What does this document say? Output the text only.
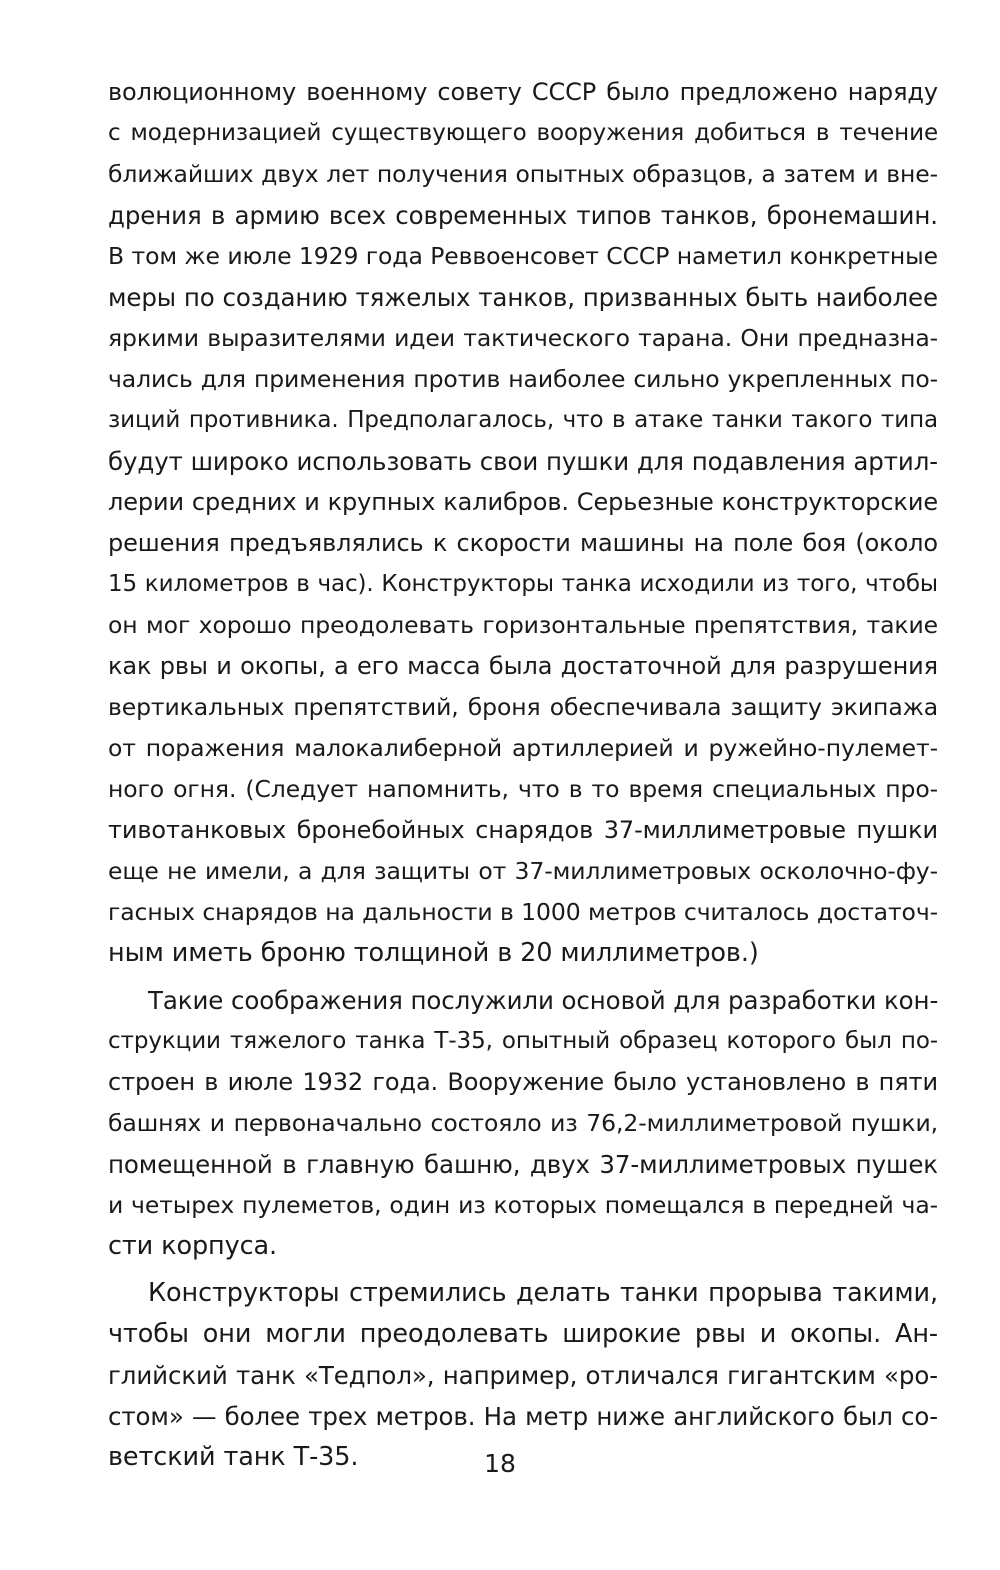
волюционному военному совету СССР было предложено наряду
с модернизацией существующего вооружения добиться в течение
ближайших двух лет получения опытных образцов, а затем и вне-
дрения в армию всех современных типов танков, бронемашин.
В том же июле 1929 года Реввоенсовет СССР наметил конкретные
меры по созданию тяжелых танков, призванных быть наиболее
яркими выразителями идеи тактического тарана. Они предназна-
чались для применения против наиболее сильно укрепленных по-
зиций противника. Предполагалось, что в атаке танки такого типа
будут широко использовать свои пушки для подавления артил-
лерии средних и крупных калибров. Серьезные конструкторские
решения предъявлялись к скорости машины на поле боя (около
15 километров в час). Конструкторы танка исходили из того, чтобы
он мог хорошо преодолевать горизонтальные препятствия, такие
как рвы и окопы, а его масса была достаточной для разрушения
вертикальных препятствий, броня обеспечивала защиту экипажа
от поражения малокалиберной артиллерией и ружейно-пулемет-
ного огня. (Следует напомнить, что в то время специальных про-
тивотанковых бронебойных снарядов 37-миллиметровые пушки
еще не имели, а для защиты от 37-миллиметровых осколочно-фу-
гасных снарядов на дальности в 1000 метров считалось достаточ-
ным иметь броню толщиной в 20 миллиметров.)
Такие соображения послужили основой для разработки кон-
струкции тяжелого танка Т-35, опытный образец которого был по-
строен в июле 1932 года. Вооружение было установлено в пяти
башнях и первоначально состояло из 76,2-миллиметровой пушки,
помещенной в главную башню, двух 37-миллиметровых пушек
и четырех пулеметов, один из которых помещался в передней ча-
сти корпуса.
Конструкторы стремились делать танки прорыва такими,
чтобы они могли преодолевать широкие рвы и окопы. Ан-
глийский танк «Тедпол», например, отличался гигантским «ро-
стом» — более трех метров. На метр ниже английского был со-
ветский танк Т-35.	18
